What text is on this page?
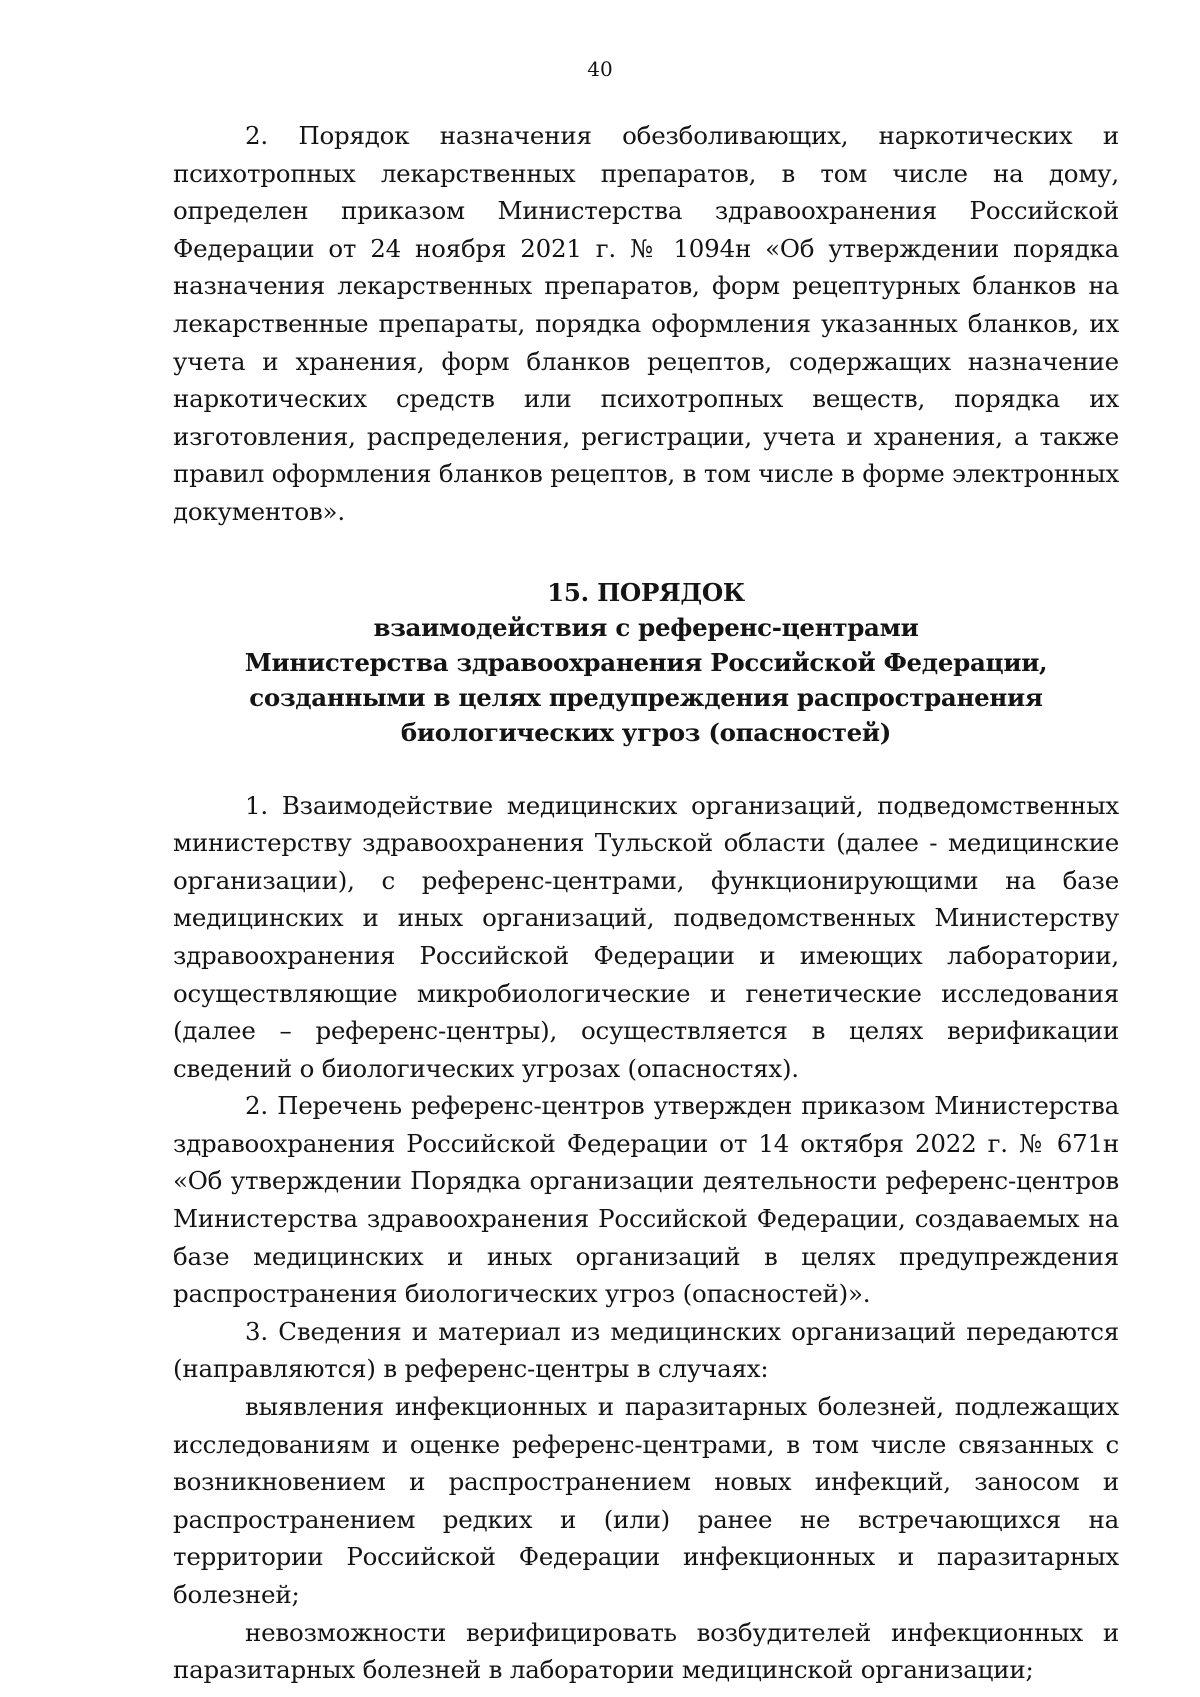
40

2. Порядок назначения обезболивающих, наркотических и психотропных лекарственных препаратов, в том числе на дому, определен приказом Министерства здравоохранения Российской Федерации от 24 ноября 2021 г. № 1094н «Об утверждении порядка назначения лекарственных препаратов, форм рецептурных бланков на лекарственные препараты, порядка оформления указанных бланков, их учета и хранения, форм бланков рецептов, содержащих назначение наркотических средств или психотропных веществ, порядка их изготовления, распределения, регистрации, учета и хранения, а также правил оформления бланков рецептов, в том числе в форме электронных документов».

15. ПОРЯДОК
взаимодействия с референс-центрами
Министерства здравоохранения Российской Федерации,
созданными в целях предупреждения распространения
биологических угроз (опасностей)

1. Взаимодействие медицинских организаций, подведомственных министерству здравоохранения Тульской области (далее - медицинские организации), с референс-центрами, функционирующими на базе медицинских и иных организаций, подведомственных Министерству здравоохранения Российской Федерации и имеющих лаборатории, осуществляющие микробиологические и генетические исследования (далее – референс-центры), осуществляется в целях верификации сведений о биологических угрозах (опасностях).

2. Перечень референс-центров утвержден приказом Министерства здравоохранения Российской Федерации от 14 октября 2022 г. № 671н «Об утверждении Порядка организации деятельности референс-центров Министерства здравоохранения Российской Федерации, создаваемых на базе медицинских и иных организаций в целях предупреждения распространения биологических угроз (опасностей)».

3. Сведения и материал из медицинских организаций передаются (направляются) в референс-центры в случаях:

выявления инфекционных и паразитарных болезней, подлежащих исследованиям и оценке референс-центрами, в том числе связанных с возникновением и распространением новых инфекций, заносом и распространением редких и (или) ранее не встречающихся на территории Российской Федерации инфекционных и паразитарных болезней;

невозможности верифицировать возбудителей инфекционных и паразитарных болезней в лаборатории медицинской организации;
